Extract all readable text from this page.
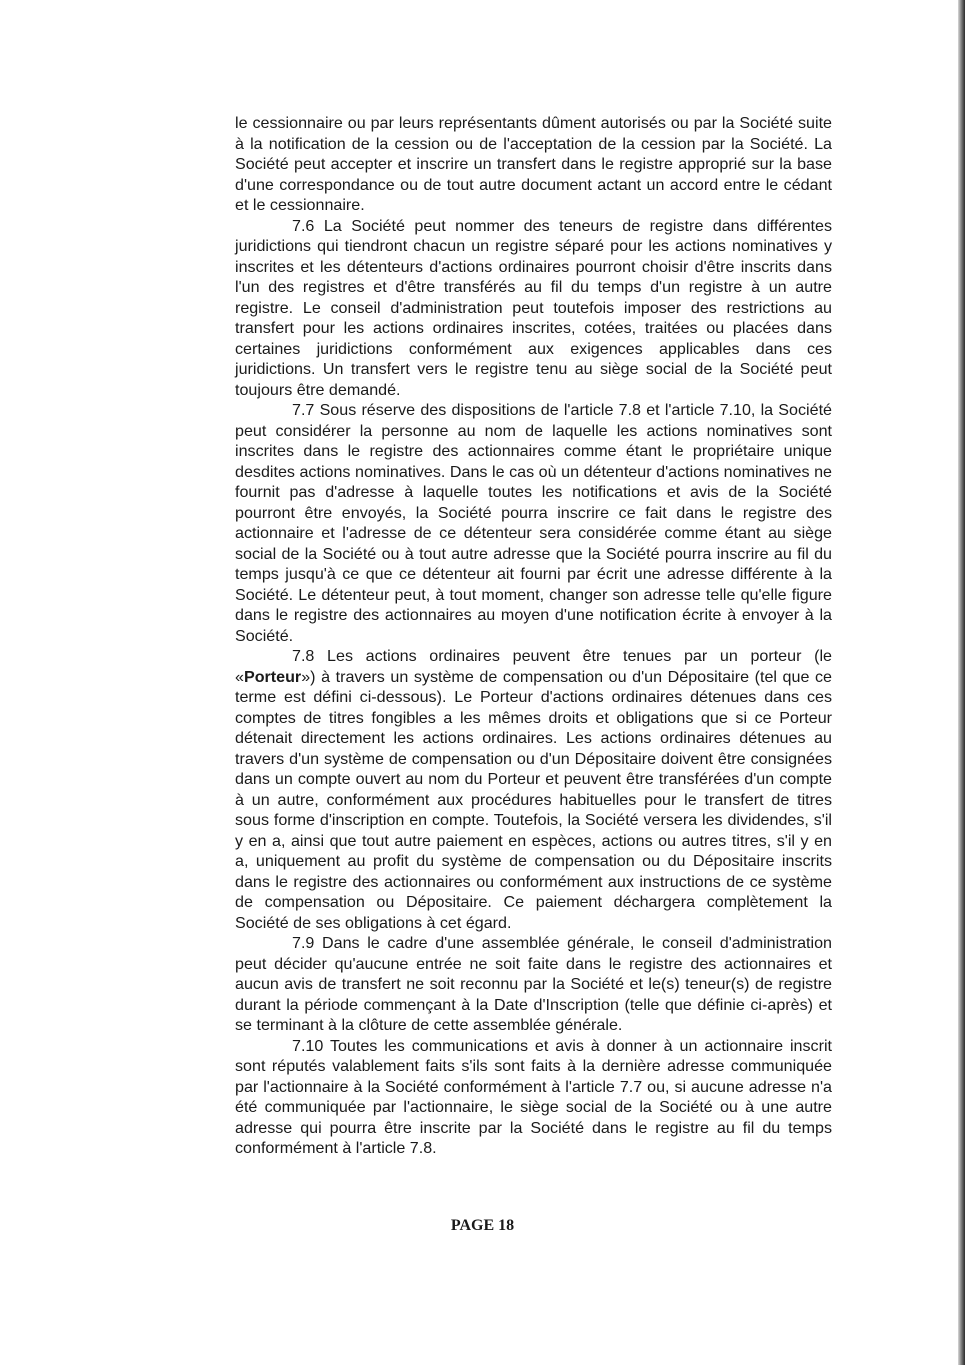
le cessionnaire ou par leurs représentants dûment autorisés ou par la Société suite à la notification de la cession ou de l'acceptation de la cession par la Société. La Société peut accepter et inscrire un transfert dans le registre approprié sur la base d'une correspondance ou de tout autre document actant un accord entre le cédant et le cessionnaire.

7.6 La Société peut nommer des teneurs de registre dans différentes juridictions qui tiendront chacun un registre séparé pour les actions nominatives y inscrites et les détenteurs d'actions ordinaires pourront choisir d'être inscrits dans l'un des registres et d'être transférés au fil du temps d'un registre à un autre registre. Le conseil d'administration peut toutefois imposer des restrictions au transfert pour les actions ordinaires inscrites, cotées, traitées ou placées dans certaines juridictions conformément aux exigences applicables dans ces juridictions. Un transfert vers le registre tenu au siège social de la Société peut toujours être demandé.

7.7 Sous réserve des dispositions de l'article 7.8 et l'article 7.10, la Société peut considérer la personne au nom de laquelle les actions nominatives sont inscrites dans le registre des actionnaires comme étant le propriétaire unique desdites actions nominatives. Dans le cas où un détenteur d'actions nominatives ne fournit pas d'adresse à laquelle toutes les notifications et avis de la Société pourront être envoyés, la Société pourra inscrire ce fait dans le registre des actionnaire et l'adresse de ce détenteur sera considérée comme étant au siège social de la Société ou à tout autre adresse que la Société pourra inscrire au fil du temps jusqu'à ce que ce détenteur ait fourni par écrit une adresse différente à la Société. Le détenteur peut, à tout moment, changer son adresse telle qu'elle figure dans le registre des actionnaires au moyen d'une notification écrite à envoyer à la Société.

7.8 Les actions ordinaires peuvent être tenues par un porteur (le «Porteur») à travers un système de compensation ou d'un Dépositaire (tel que ce terme est défini ci-dessous). Le Porteur d'actions ordinaires détenues dans ces comptes de titres fongibles a les mêmes droits et obligations que si ce Porteur détenait directement les actions ordinaires. Les actions ordinaires détenues au travers d'un système de compensation ou d'un Dépositaire doivent être consignées dans un compte ouvert au nom du Porteur et peuvent être transférées d'un compte à un autre, conformément aux procédures habituelles pour le transfert de titres sous forme d'inscription en compte. Toutefois, la Société versera les dividendes, s'il y en a, ainsi que tout autre paiement en espèces, actions ou autres titres, s'il y en a, uniquement au profit du système de compensation ou du Dépositaire inscrits dans le registre des actionnaires ou conformément aux instructions de ce système de compensation ou Dépositaire. Ce paiement déchargera complètement la Société de ses obligations à cet égard.

7.9 Dans le cadre d'une assemblée générale, le conseil d'administration peut décider qu'aucune entrée ne soit faite dans le registre des actionnaires et aucun avis de transfert ne soit reconnu par la Société et le(s) teneur(s) de registre durant la période commençant à la Date d'Inscription (telle que définie ci-après) et se terminant à la clôture de cette assemblée générale.

7.10 Toutes les communications et avis à donner à un actionnaire inscrit sont réputés valablement faits s'ils sont faits à la dernière adresse communiquée par l'actionnaire à la Société conformément à l'article 7.7 ou, si aucune adresse n'a été communiquée par l'actionnaire, le siège social de la Société ou à une autre adresse qui pourra être inscrite par la Société dans le registre au fil du temps conformément à l'article 7.8.

PAGE 18
